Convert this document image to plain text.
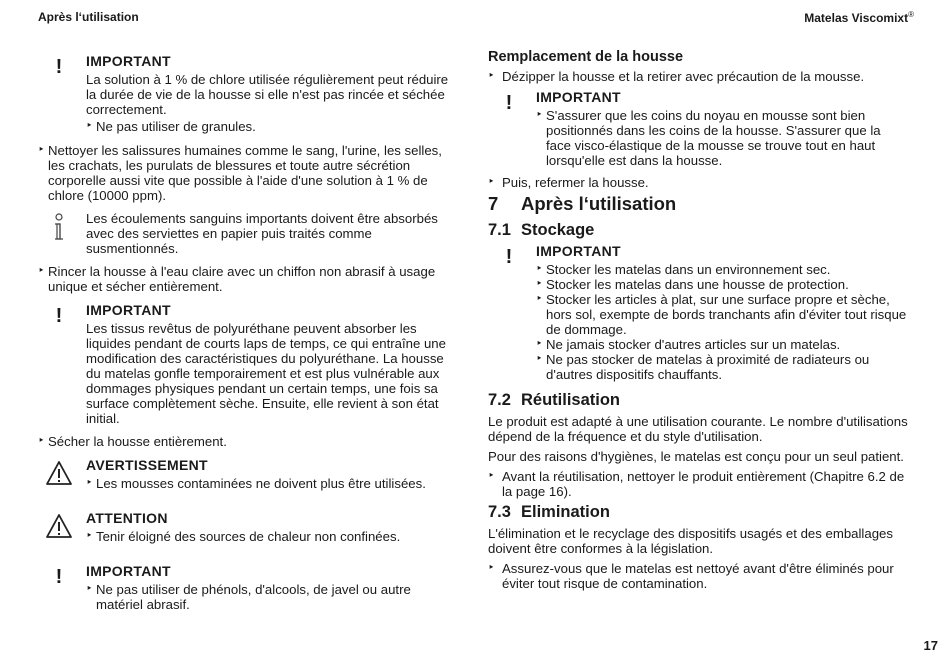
Après l‘utilisation	Matelas Viscomixt®
!	IMPORTANT

La solution à 1 % de chlore utilisée régulièrement peut réduire la durée de vie de la housse si elle n'est pas rincée et séchée correctement.

‣ Ne pas utiliser de granules.

‣ Nettoyer les salissures humaines comme le sang, l'urine, les selles, les crachats, les purulats de blessures et toute autre sécrétion corporelle aussi vite que possible à l'aide d'une solution à 1 % de chlore (10000 ppm).

Les écoulements sanguins importants doivent être absorbés avec des serviettes en papier puis traités comme susmentionnés.

‣ Rincer la housse à l'eau claire avec un chiffon non abrasif à usage unique et sécher entièrement.

!	IMPORTANT

Les tissus revêtus de polyuréthane peuvent absorber les liquides pendant de courts laps de temps, ce qui entraîne une modification des caractéristiques du polyuréthane. La housse du matelas gonfle temporairement et est plus vulnérable aux dommages physiques pendant un certain temps, une fois sa surface complètement sèche. Ensuite, elle revient à son état initial.

‣ Sécher la housse entièrement.

AVERTISSEMENT

‣ Les mousses contaminées ne doivent plus être utilisées.

ATTENTION

‣ Tenir éloigné des sources de chaleur non confinées.

!	IMPORTANT

‣ Ne pas utiliser de phénols, d'alcools, de javel ou autre matériel abrasif.

Remplacement de la housse

‣ Dézipper la housse et la retirer avec précaution de la mousse.

!	IMPORTANT

‣ S'assurer que les coins du noyau en mousse sont bien positionnés dans les coins de la housse. S'assurer que la face visco-élastique de la mousse se trouve tout en haut lorsqu'elle est dans la housse.

‣ Puis, refermer la housse.

7 Après l‘utilisation
7.1 Stockage
!	IMPORTANT

‣ Stocker les matelas dans un environnement sec.

‣ Stocker les matelas dans une housse de protection.

‣ Stocker les articles à plat, sur une surface propre et sèche, hors sol, exempte de bords tranchants afin d'éviter tout risque de dommage.

‣ Ne jamais stocker d'autres articles sur un matelas.

‣ Ne pas stocker de matelas à proximité de radiateurs ou d'autres dispositifs chauffants.

7.2 Réutilisation

Le produit est adapté à une utilisation courante. Le nombre d'utilisations dépend de la fréquence et du style d'utilisation.

Pour des raisons d'hygiènes, le matelas est conçu pour un seul patient.

‣ Avant la réutilisation, nettoyer le produit entièrement (Chapitre 6.2 de la page 16).

7.3 Elimination

L'élimination et le recyclage des dispositifs usagés et des emballages doivent être conformes à la législation.

‣ Assurez-vous que le matelas est nettoyé avant d'être éliminés pour éviter tout risque de contamination.

17
